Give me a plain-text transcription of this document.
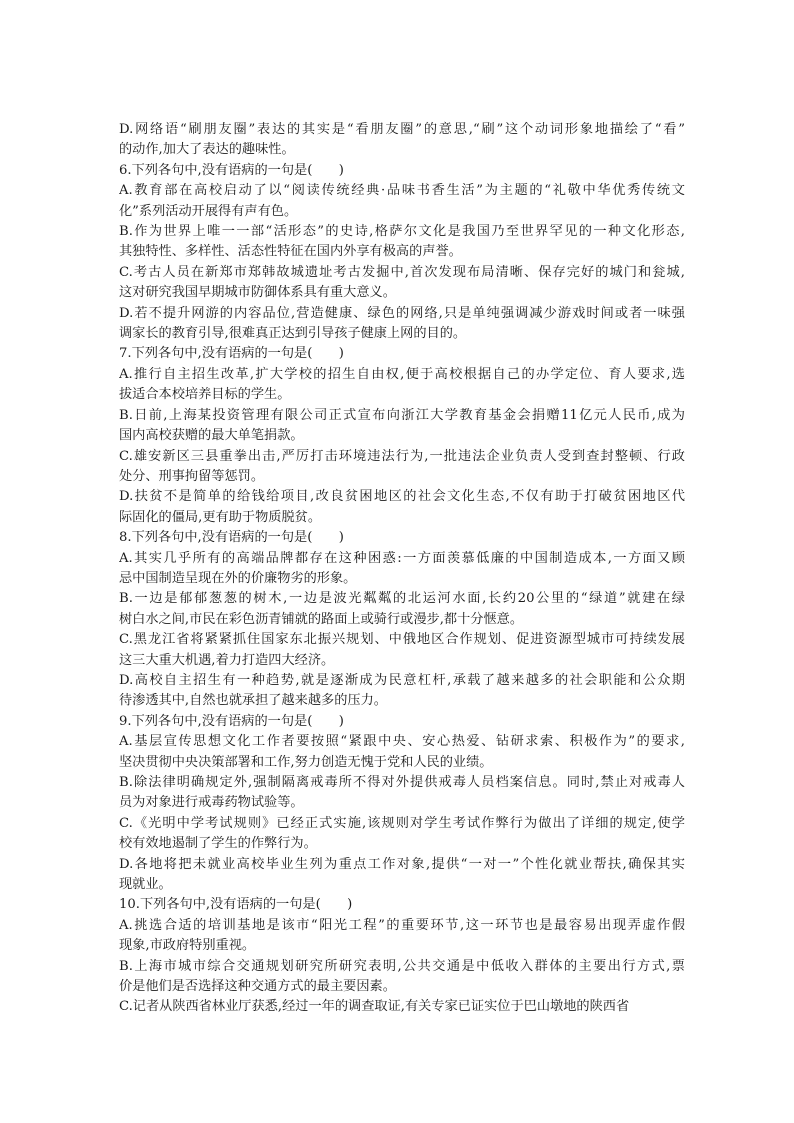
D.网络语“刷朋友圈”表达的其实是“看朋友圈”的意思,“刷”这个动词形象地描绘了“看”
的动作,加大了表达的趣味性。
6.下列各句中,没有语病的一句是(　　)
A.教育部在高校启动了以“阅读传统经典·品味书香生活”为主题的“礼敬中华优秀传统文
化”系列活动开展得有声有色。
B.作为世界上唯一一部“活形态”的史诗,格萨尔文化是我国乃至世界罕见的一种文化形态,
其独特性、多样性、活态性特征在国内外享有极高的声誉。
C.考古人员在新郑市郑韩故城遗址考古发掘中,首次发现布局清晰、保存完好的城门和瓮城,
这对研究我国早期城市防御体系具有重大意义。
D.若不提升网游的内容品位,营造健康、绿色的网络,只是单纯强调减少游戏时间或者一味强
调家长的教育引导,很难真正达到引导孩子健康上网的目的。
7.下列各句中,没有语病的一句是(　　)
A.推行自主招生改革,扩大学校的招生自由权,便于高校根据自己的办学定位、育人要求,选
拔适合本校培养目标的学生。
B.日前,上海某投资管理有限公司正式宣布向浙江大学教育基金会捐赠11亿元人民币,成为
国内高校获赠的最大单笔捐款。
C.雄安新区三县重拳出击,严厉打击环境违法行为,一批违法企业负责人受到查封整顿、行政
处分、刑事拘留等惩罚。
D.扶贫不是简单的给钱给项目,改良贫困地区的社会文化生态,不仅有助于打破贫困地区代
际固化的僵局,更有助于物质脱贫。
8.下列各句中,没有语病的一句是(　　)
A.其实几乎所有的高端品牌都存在这种困惑:一方面羡慕低廉的中国制造成本,一方面又顾
忌中国制造呈现在外的价廉物劣的形象。
B.一边是郁郁葱葱的树木,一边是波光粼粼的北运河水面,长约20公里的“绿道”就建在绿
树白水之间,市民在彩色沥青铺就的路面上或骑行或漫步,都十分惬意。
C.黑龙江省将紧紧抓住国家东北振兴规划、中俄地区合作规划、促进资源型城市可持续发展
这三大重大机遇,着力打造四大经济。
D.高校自主招生有一种趋势,就是逐渐成为民意杠杆,承载了越来越多的社会职能和公众期
待渗透其中,自然也就承担了越来越多的压力。
9.下列各句中,没有语病的一句是(　　)
A.基层宣传思想文化工作者要按照“紧跟中央、安心热爱、钻研求索、积极作为”的要求,
坚决贯彻中央决策部署和工作,努力创造无愧于党和人民的业绩。
B.除法律明确规定外,强制隔离戒毒所不得对外提供戒毒人员档案信息。同时,禁止对戒毒人
员为对象进行戒毒药物试验等。
C.《光明中学考试规则》已经正式实施,该规则对学生考试作弊行为做出了详细的规定,使学
校有效地遏制了学生的作弊行为。
D.各地将把未就业高校毕业生列为重点工作对象,提供“一对一”个性化就业帮扶,确保其实
现就业。
10.下列各句中,没有语病的一句是(　　)
A.挑选合适的培训基地是该市“阳光工程”的重要环节,这一环节也是最容易出现弄虚作假
现象,市政府特别重视。
B.上海市城市综合交通规划研究所研究表明,公共交通是中低收入群体的主要出行方式,票
价是他们是否选择这种交通方式的最主要因素。
C.记者从陕西省林业厅获悉,经过一年的调查取证,有关专家已证实位于巴山墩地的陕西省
